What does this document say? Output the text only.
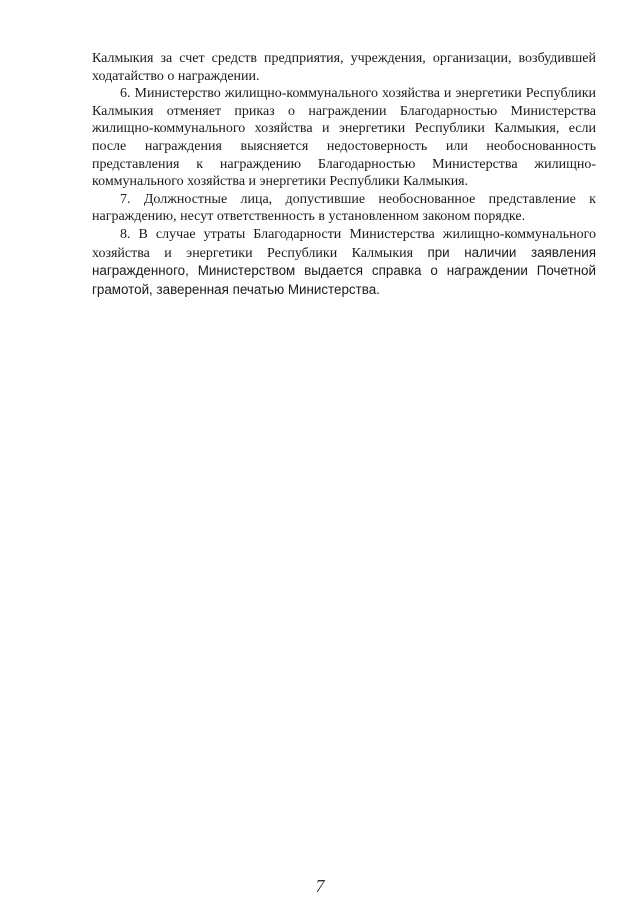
Калмыкия за счет средств предприятия, учреждения, организации, возбудившей ходатайство о награждении.

6. Министерство жилищно-коммунального хозяйства и энергетики Республики Калмыкия отменяет приказ о награждении Благодарностью Министерства жилищно-коммунального хозяйства и энергетики Республики Калмыкия, если после награждения выясняется недостоверность или необоснованность представления к награждению Благодарностью Министерства жилищно-коммунального хозяйства и энергетики Республики Калмыкия.

7. Должностные лица, допустившие необоснованное представление к награждению, несут ответственность в установленном законом порядке.

8. В случае утраты Благодарности Министерства жилищно-коммунального хозяйства и энергетики Республики Калмыкия при наличии заявления награжденного, Министерством выдается справка о награждении Почетной грамотой, заверенная печатью Министерства.

7
